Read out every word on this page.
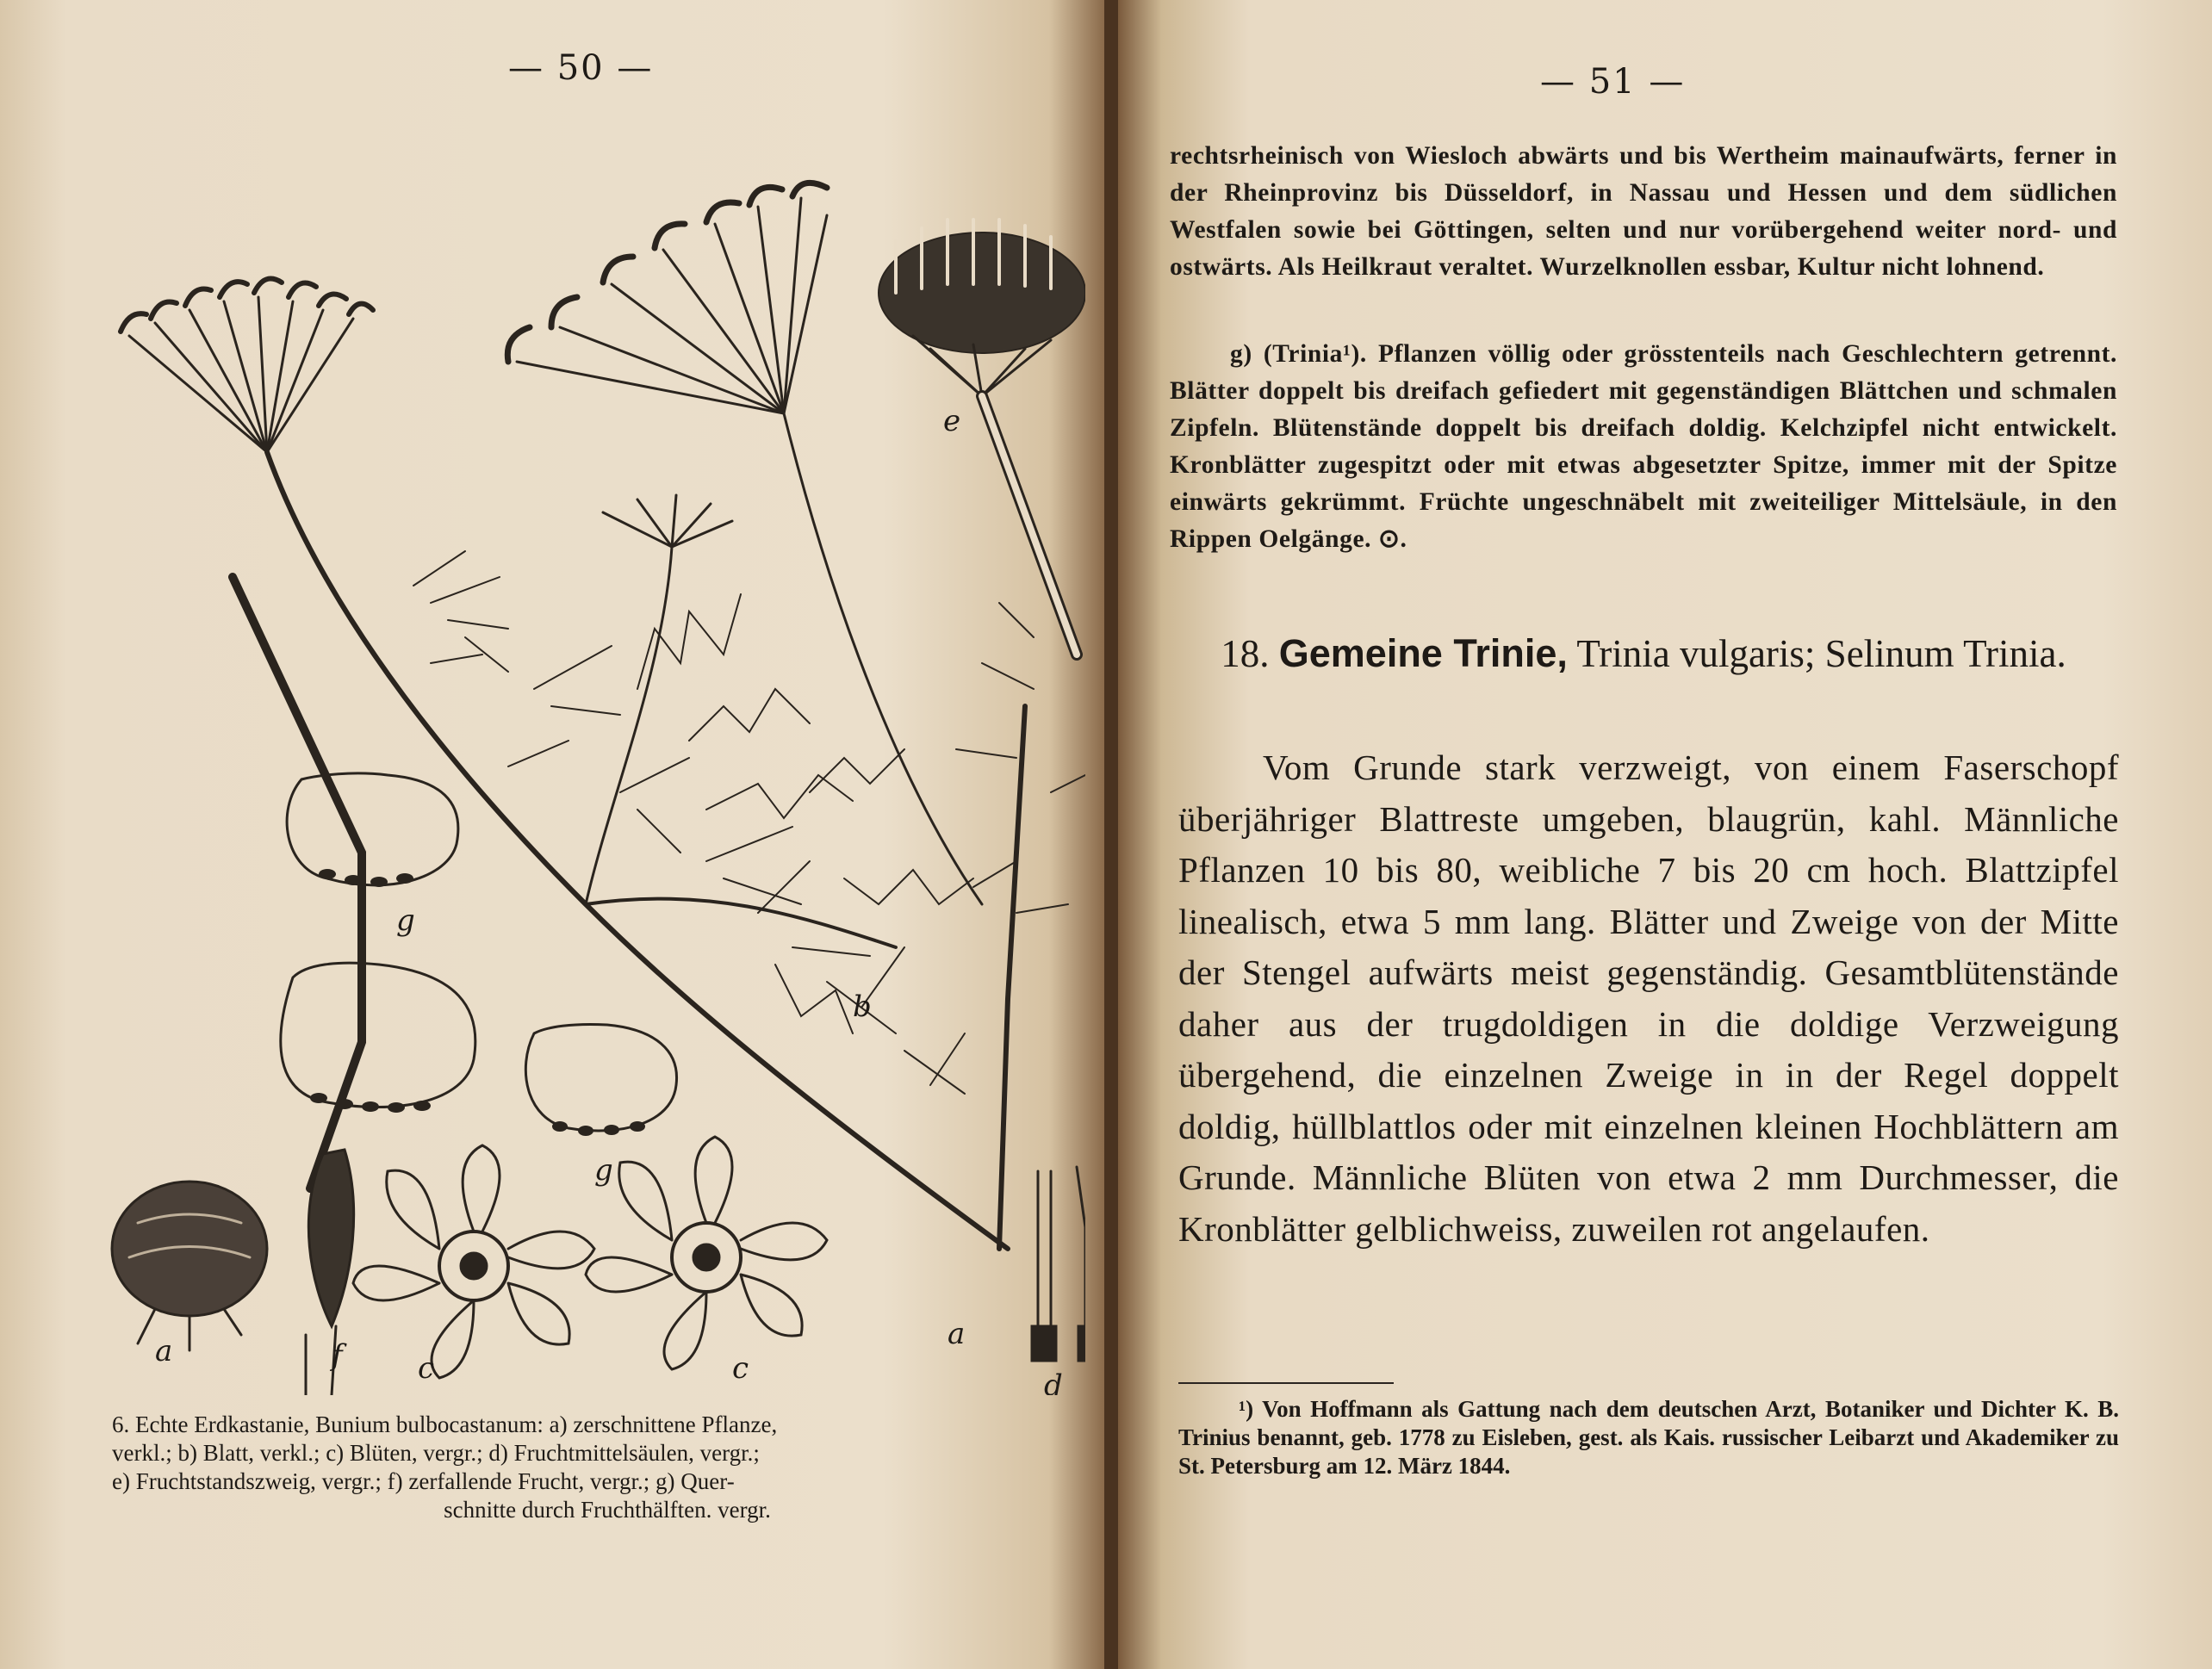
— 50 —
a	a
b
c	c	d
e
f
g
g
6. Echte Erdkastanie, Bunium bulbocastanum: a) zerschnittene Pflanze,
verkl.; b) Blatt, verkl.; c) Blüten, vergr.; d) Fruchtmittelsäulen, vergr.;
e) Fruchtstandszweig, vergr.; f) zerfallende Frucht, vergr.; g) Quer-

schnitte durch Fruchthälften. vergr.
— 51 —
rechtsrheinisch von Wiesloch abwärts und bis Wertheim mainaufwärts, ferner in der Rheinprovinz bis Düsseldorf, in Nassau und Hessen und dem südlichen Westfalen sowie bei Göttingen, selten und nur vorübergehend weiter nord- und ostwärts. Als Heilkraut veraltet. Wurzelknollen essbar, Kultur nicht lohnend.
g) (Trinia¹). Pflanzen völlig oder grösstenteils nach Geschlechtern getrennt. Blätter doppelt bis dreifach gefiedert mit gegenständigen Blättchen und schmalen Zipfeln. Blütenstände doppelt bis dreifach doldig. Kelchzipfel nicht entwickelt. Kronblätter zugespitzt oder mit etwas abgesetzter Spitze, immer mit der Spitze einwärts gekrümmt. Früchte ungeschnäbelt mit zweiteiliger Mittelsäule, in den Rippen Oelgänge. ⊙.
18. Gemeine Trinie, Trinia vulgaris; Selinum Trinia.
Vom Grunde stark verzweigt, von einem Faserschopf überjähriger Blattreste umgeben, blaugrün, kahl. Männliche Pflanzen 10 bis 80, weibliche 7 bis 20 cm hoch. Blattzipfel linealisch, etwa 5 mm lang. Blätter und Zweige von der Mitte der Stengel aufwärts meist gegenständig. Gesamtblütenstände daher aus der trugdoldigen in die doldige Verzweigung übergehend, die einzelnen Zweige in in der Regel doppelt doldig, hüllblattlos oder mit einzelnen kleinen Hochblättern am Grunde. Männliche Blüten von etwa 2 mm Durchmesser, die Kronblätter gelblichweiss, zuweilen rot angelaufen.
¹) Von Hoffmann als Gattung nach dem deutschen Arzt, Botaniker und Dichter K. B. Trinius benannt, geb. 1778 zu Eisleben, gest. als Kais. russischer Leibarzt und Akademiker zu St. Petersburg am 12. März 1844.
